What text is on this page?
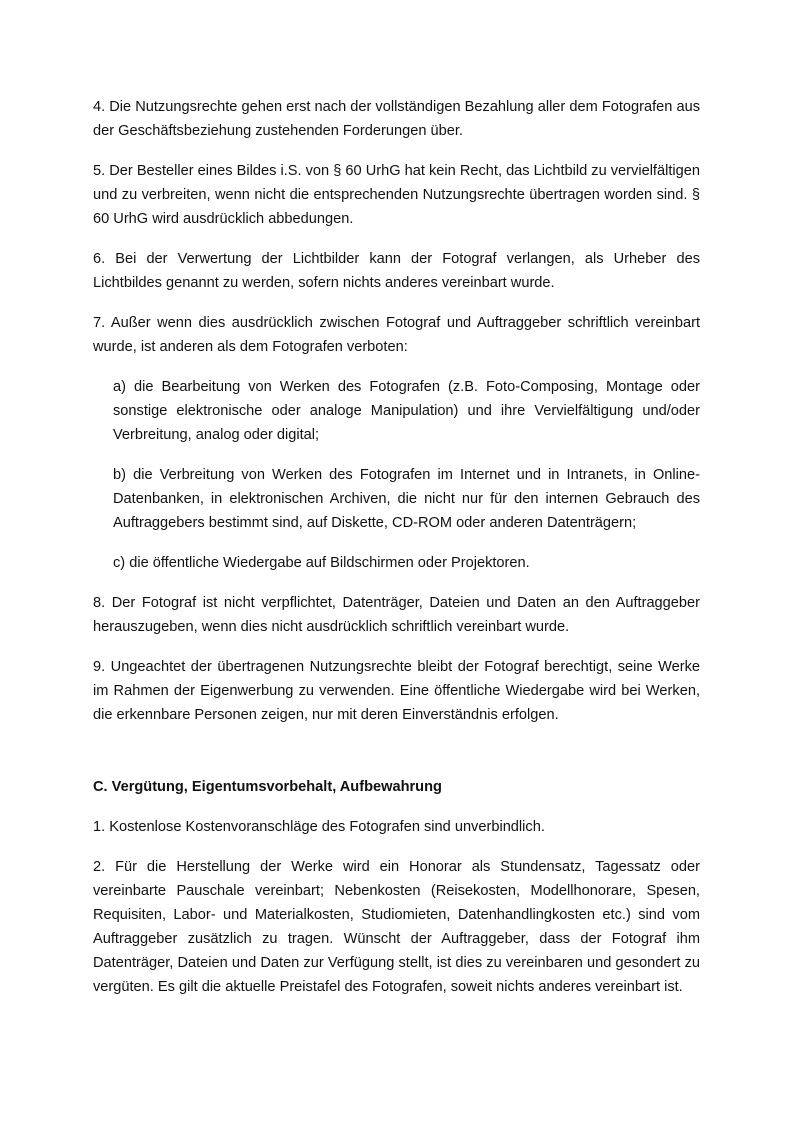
4. Die Nutzungsrechte gehen erst nach der vollständigen Bezahlung aller dem Fotografen aus der Geschäftsbeziehung zustehenden Forderungen über.

5. Der Besteller eines Bildes i.S. von § 60 UrhG hat kein Recht, das Lichtbild zu vervielfältigen und zu verbreiten, wenn nicht die entsprechenden Nutzungsrechte übertragen worden sind. § 60 UrhG wird ausdrücklich abbedungen.

6. Bei der Verwertung der Lichtbilder kann der Fotograf verlangen, als Urheber des Lichtbildes genannt zu werden, sofern nichts anderes vereinbart wurde.

7. Außer wenn dies ausdrücklich zwischen Fotograf und Auftraggeber schriftlich vereinbart wurde, ist anderen als dem Fotografen verboten:

a) die Bearbeitung von Werken des Fotografen (z.B. Foto-Composing, Montage oder sonstige elektronische oder analoge Manipulation) und ihre Vervielfältigung und/oder Verbreitung, analog oder digital;

b) die Verbreitung von Werken des Fotografen im Internet und in Intranets, in Online-Datenbanken, in elektronischen Archiven, die nicht nur für den internen Gebrauch des Auftraggebers bestimmt sind, auf Diskette, CD-ROM oder anderen Datenträgern;

c) die öffentliche Wiedergabe auf Bildschirmen oder Projektoren.

8. Der Fotograf ist nicht verpflichtet, Datenträger, Dateien und Daten an den Auftraggeber herauszugeben, wenn dies nicht ausdrücklich schriftlich vereinbart wurde.

9. Ungeachtet der übertragenen Nutzungsrechte bleibt der Fotograf berechtigt, seine Werke im Rahmen der Eigenwerbung zu verwenden. Eine öffentliche Wiedergabe wird bei Werken, die erkennbare Personen zeigen, nur mit deren Einverständnis erfolgen.

C. Vergütung, Eigentumsvorbehalt, Aufbewahrung

1. Kostenlose Kostenvoranschläge des Fotografen sind unverbindlich.

2. Für die Herstellung der Werke wird ein Honorar als Stundensatz, Tagessatz oder vereinbarte Pauschale vereinbart; Nebenkosten (Reisekosten, Modellhonorare, Spesen, Requisiten, Labor- und Materialkosten, Studiomieten, Datenhandlingkosten etc.) sind vom Auftraggeber zusätzlich zu tragen. Wünscht der Auftraggeber, dass der Fotograf ihm Datenträger, Dateien und Daten zur Verfügung stellt, ist dies zu vereinbaren und gesondert zu vergüten. Es gilt die aktuelle Preistafel des Fotografen, soweit nichts anderes vereinbart ist.
